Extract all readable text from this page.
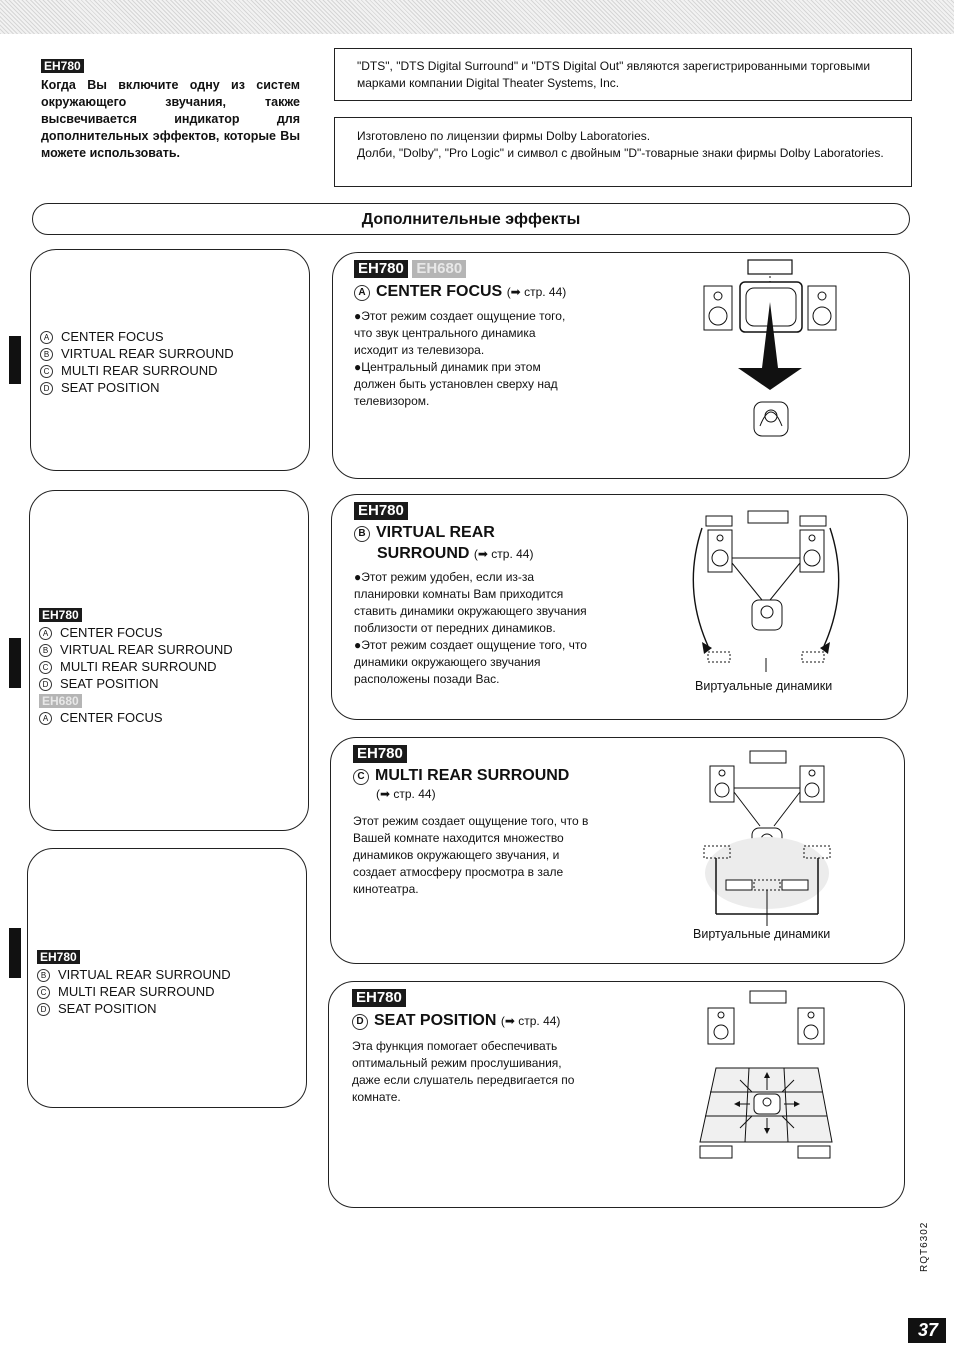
EH780
Когда Вы включите одну из систем окружающего звучания, также высвечивается индикатор для дополнительных эффектов, которые Вы можете использовать.
"DTS", "DTS Digital Surround" и "DTS Digital Out" являются зарегистрированными торговыми марками компании Digital Theater Systems, Inc.
Изготовлено по лицензии фирмы Dolby Laboratories.
Долби, "Dolby", "Pro Logic" и символ с двойным "D"-товарные знаки фирмы Dolby Laboratories.
Дополнительные эффекты
A CENTER FOCUS
B VIRTUAL REAR SURROUND
C MULTI REAR SURROUND
D SEAT POSITION
EH780
A CENTER FOCUS
B VIRTUAL REAR SURROUND
C MULTI REAR SURROUND
D SEAT POSITION
EH680
A CENTER FOCUS
EH780
B VIRTUAL REAR SURROUND
C MULTI REAR SURROUND
D SEAT POSITION
EH780 EH680
A CENTER FOCUS (➡ стр. 44)
●Этот режим создает ощущение того, что звук центрального динамика исходит из телевизора.
●Центральный динамик при этом должен быть установлен сверху над телевизором.
EH780
B VIRTUAL REAR
SURROUND (➡ стр. 44)
●Этот режим удобен, если из-за планировки комнаты Вам приходится ставить динамики окружающего звучания поблизости от передних динамиков.
●Этот режим создает ощущение того, что динамики окружающего звучания расположены позади Вас.	Виртуальные динамики
EH780
C MULTI REAR SURROUND
(➡ стр. 44)
Этот режим создает ощущение того, что в Вашей комнате находится множество динамиков окружающего звучания, и создает атмосферу просмотра в зале кинотеатра.
Виртуальные динамики
EH780
D SEAT POSITION (➡ стр. 44)
Эта функция помогает обеспечивать оптимальный режим прослушивания, даже если слушатель передвигается по комнате.
RQT6302
37
